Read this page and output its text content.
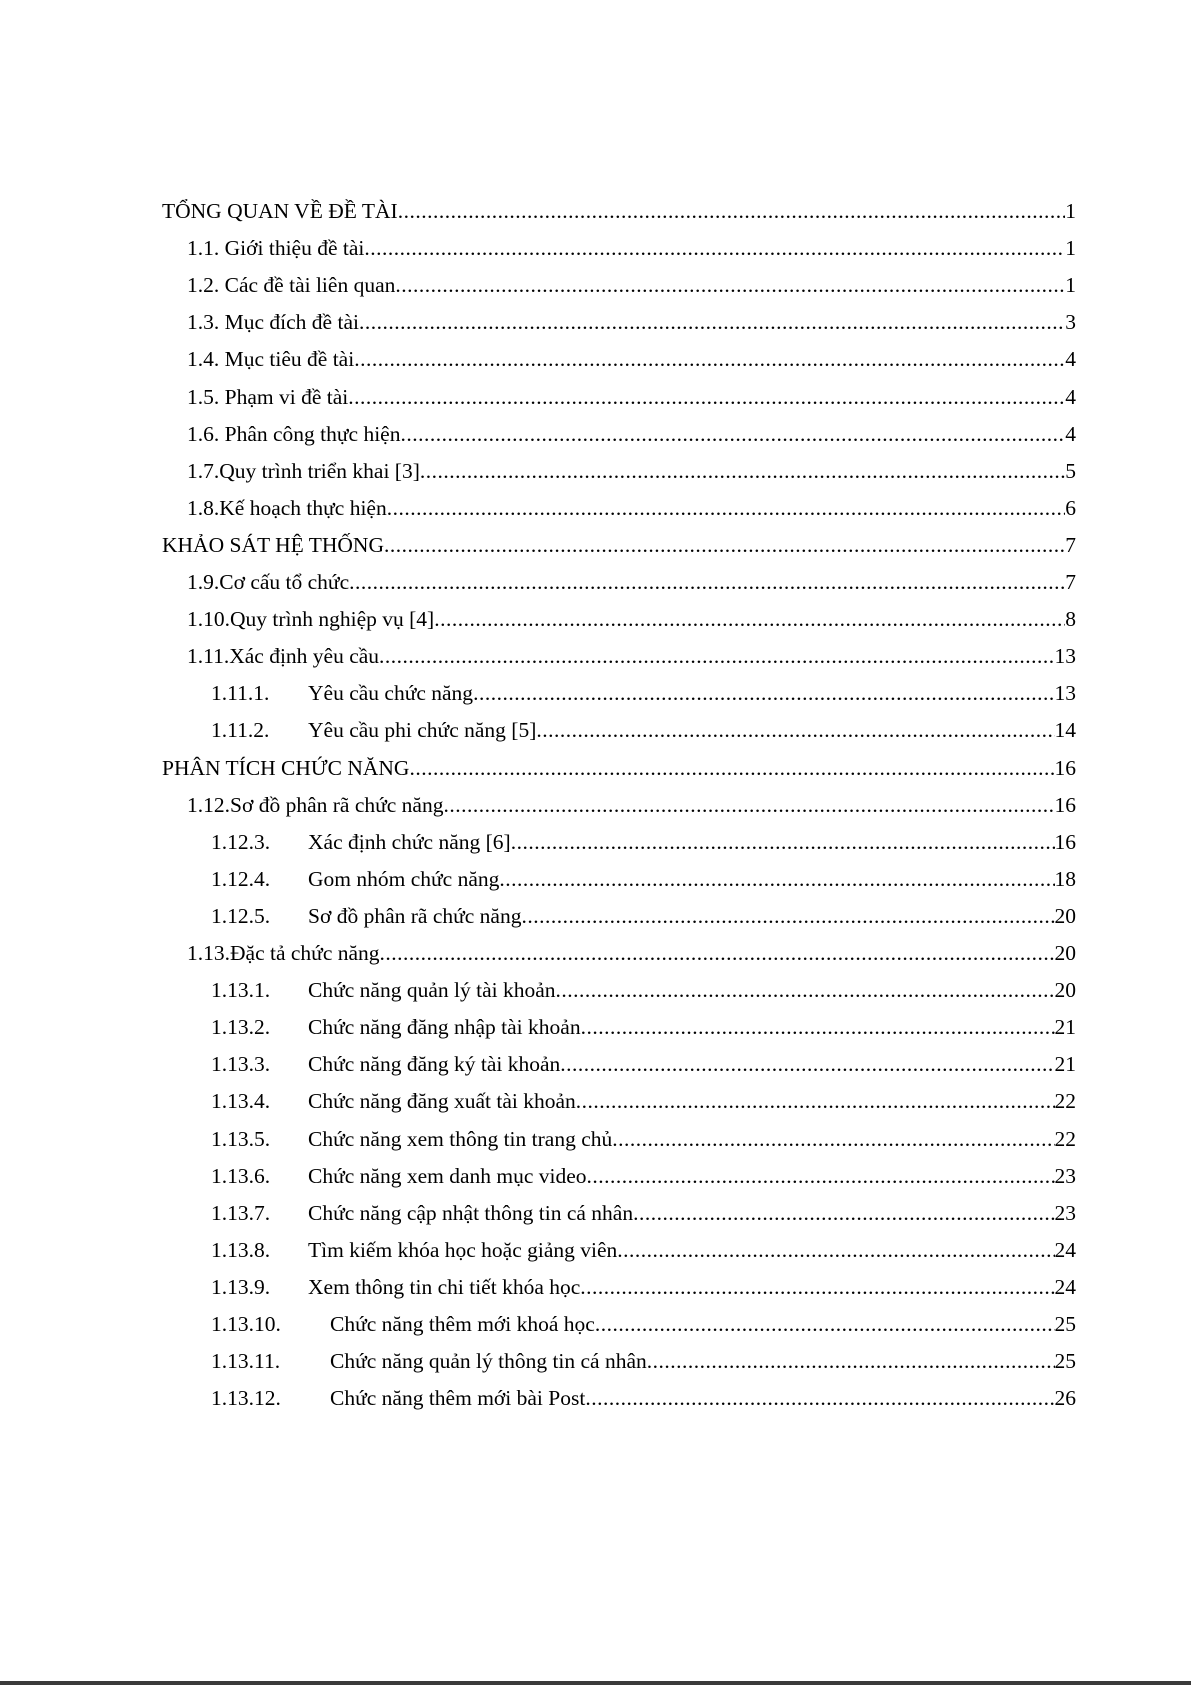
TỔNG QUAN VỀ ĐỀ TÀI .....	1
1.1. Giới thiệu đề tài .....	1
1.2. Các đề tài liên quan .....	1
1.3. Mục đích đề tài .....	3
1.4. Mục tiêu đề tài .....	4
1.5. Phạm vi đề tài .....	4
1.6. Phân công thực hiện .....	4
1.7.Quy trình triển khai [3] .....	5
1.8.Kế hoạch thực hiện .....	6
KHẢO SÁT HỆ THỐNG .....	7
1.9.Cơ cấu tổ chức .....	7
1.10.Quy trình nghiệp vụ [4] .....	8
1.11.Xác định yêu cầu .....	13
1.11.1.	Yêu cầu chức năng .....	13
1.11.2.	Yêu cầu phi chức năng [5] .....	14
PHÂN TÍCH CHỨC NĂNG .....	16
1.12.Sơ đồ phân rã chức năng .....	16
1.12.3.	Xác định chức năng [6] .....	16
1.12.4.	Gom nhóm chức năng .....	18
1.12.5.	Sơ đồ phân rã chức năng .....	20
1.13.Đặc tả chức năng .....	20
1.13.1.	Chức năng quản lý tài khoản .....	20
1.13.2.	Chức năng đăng nhập tài khoản .....	21
1.13.3.	Chức năng đăng ký tài khoản .....	21
1.13.4.	Chức năng đăng xuất tài khoản .....	22
1.13.5.	Chức năng xem thông tin trang chủ .....	22
1.13.6.	Chức năng xem danh mục video .....	23
1.13.7.	Chức năng cập nhật thông tin cá nhân .....	23
1.13.8.	Tìm kiếm khóa học hoặc giảng viên .....	24
1.13.9.	Xem thông tin chi tiết khóa học .....	24
1.13.10.	Chức năng thêm mới khoá học .....	25
1.13.11.	Chức năng quản lý thông tin cá nhân .....	25
1.13.12.	Chức năng thêm mới bài Post .....	26
